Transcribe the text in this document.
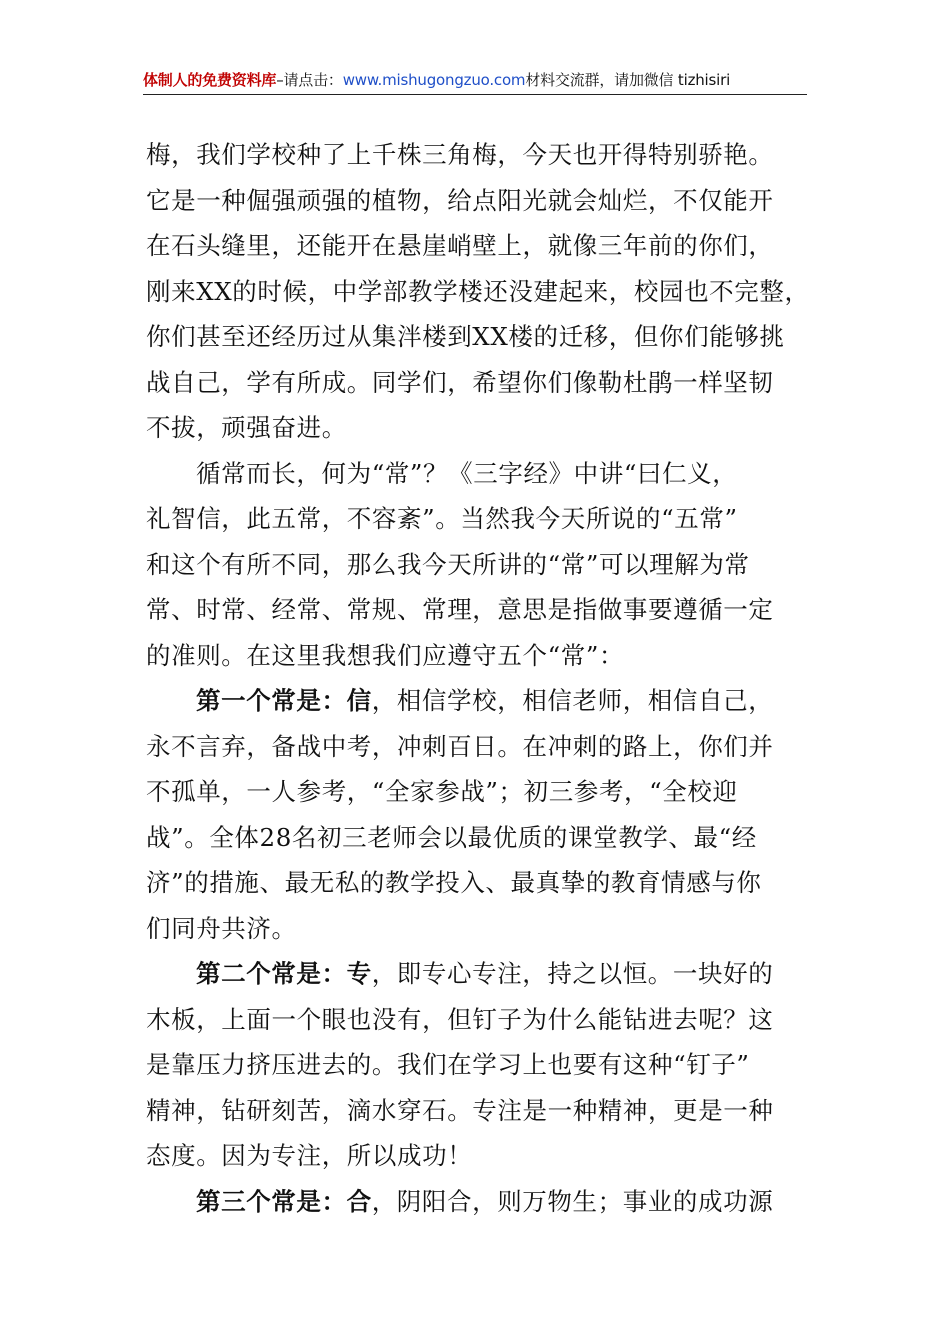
体制人的免费资料库–请点击：www.mishugongzuo.com材料交流群，请加微信 tizhisiri
梅，我们学校种了上千株三角梅，今天也开得特别骄艳。
它是一种倔强顽强的植物，给点阳光就会灿烂，不仅能开
在石头缝里，还能开在悬崖峭壁上，就像三年前的你们，
刚来XX的时候，中学部教学楼还没建起来，校园也不完整，
你们甚至还经历过从集泮楼到XX楼的迁移，但你们能够挑
战自己，学有所成。同学们，希望你们像勒杜鹃一样坚韧
不拔，顽强奋进。
循常而长，何为“常”？《三字经》中讲“曰仁义，
礼智信，此五常，不容紊”。当然我今天所说的“五常”
和这个有所不同，那么我今天所讲的“常”可以理解为常
常、时常、经常、常规、常理，意思是指做事要遵循一定
的准则。在这里我想我们应遵守五个“常”：
第一个常是：信，相信学校，相信老师，相信自己，
永不言弃，备战中考，冲刺百日。在冲刺的路上，你们并
不孤单，一人参考，“全家参战”；初三参考，“全校迎
战”。全体28名初三老师会以最优质的课堂教学、最“经
济”的措施、最无私的教学投入、最真挚的教育情感与你
们同舟共济。
第二个常是：专，即专心专注，持之以恒。一块好的
木板，上面一个眼也没有，但钉子为什么能钻进去呢？这
是靠压力挤压进去的。我们在学习上也要有这种“钉子”
精神，钻研刻苦，滴水穿石。专注是一种精神，更是一种
态度。因为专注，所以成功！
第三个常是：合，阴阳合，则万物生；事业的成功源
